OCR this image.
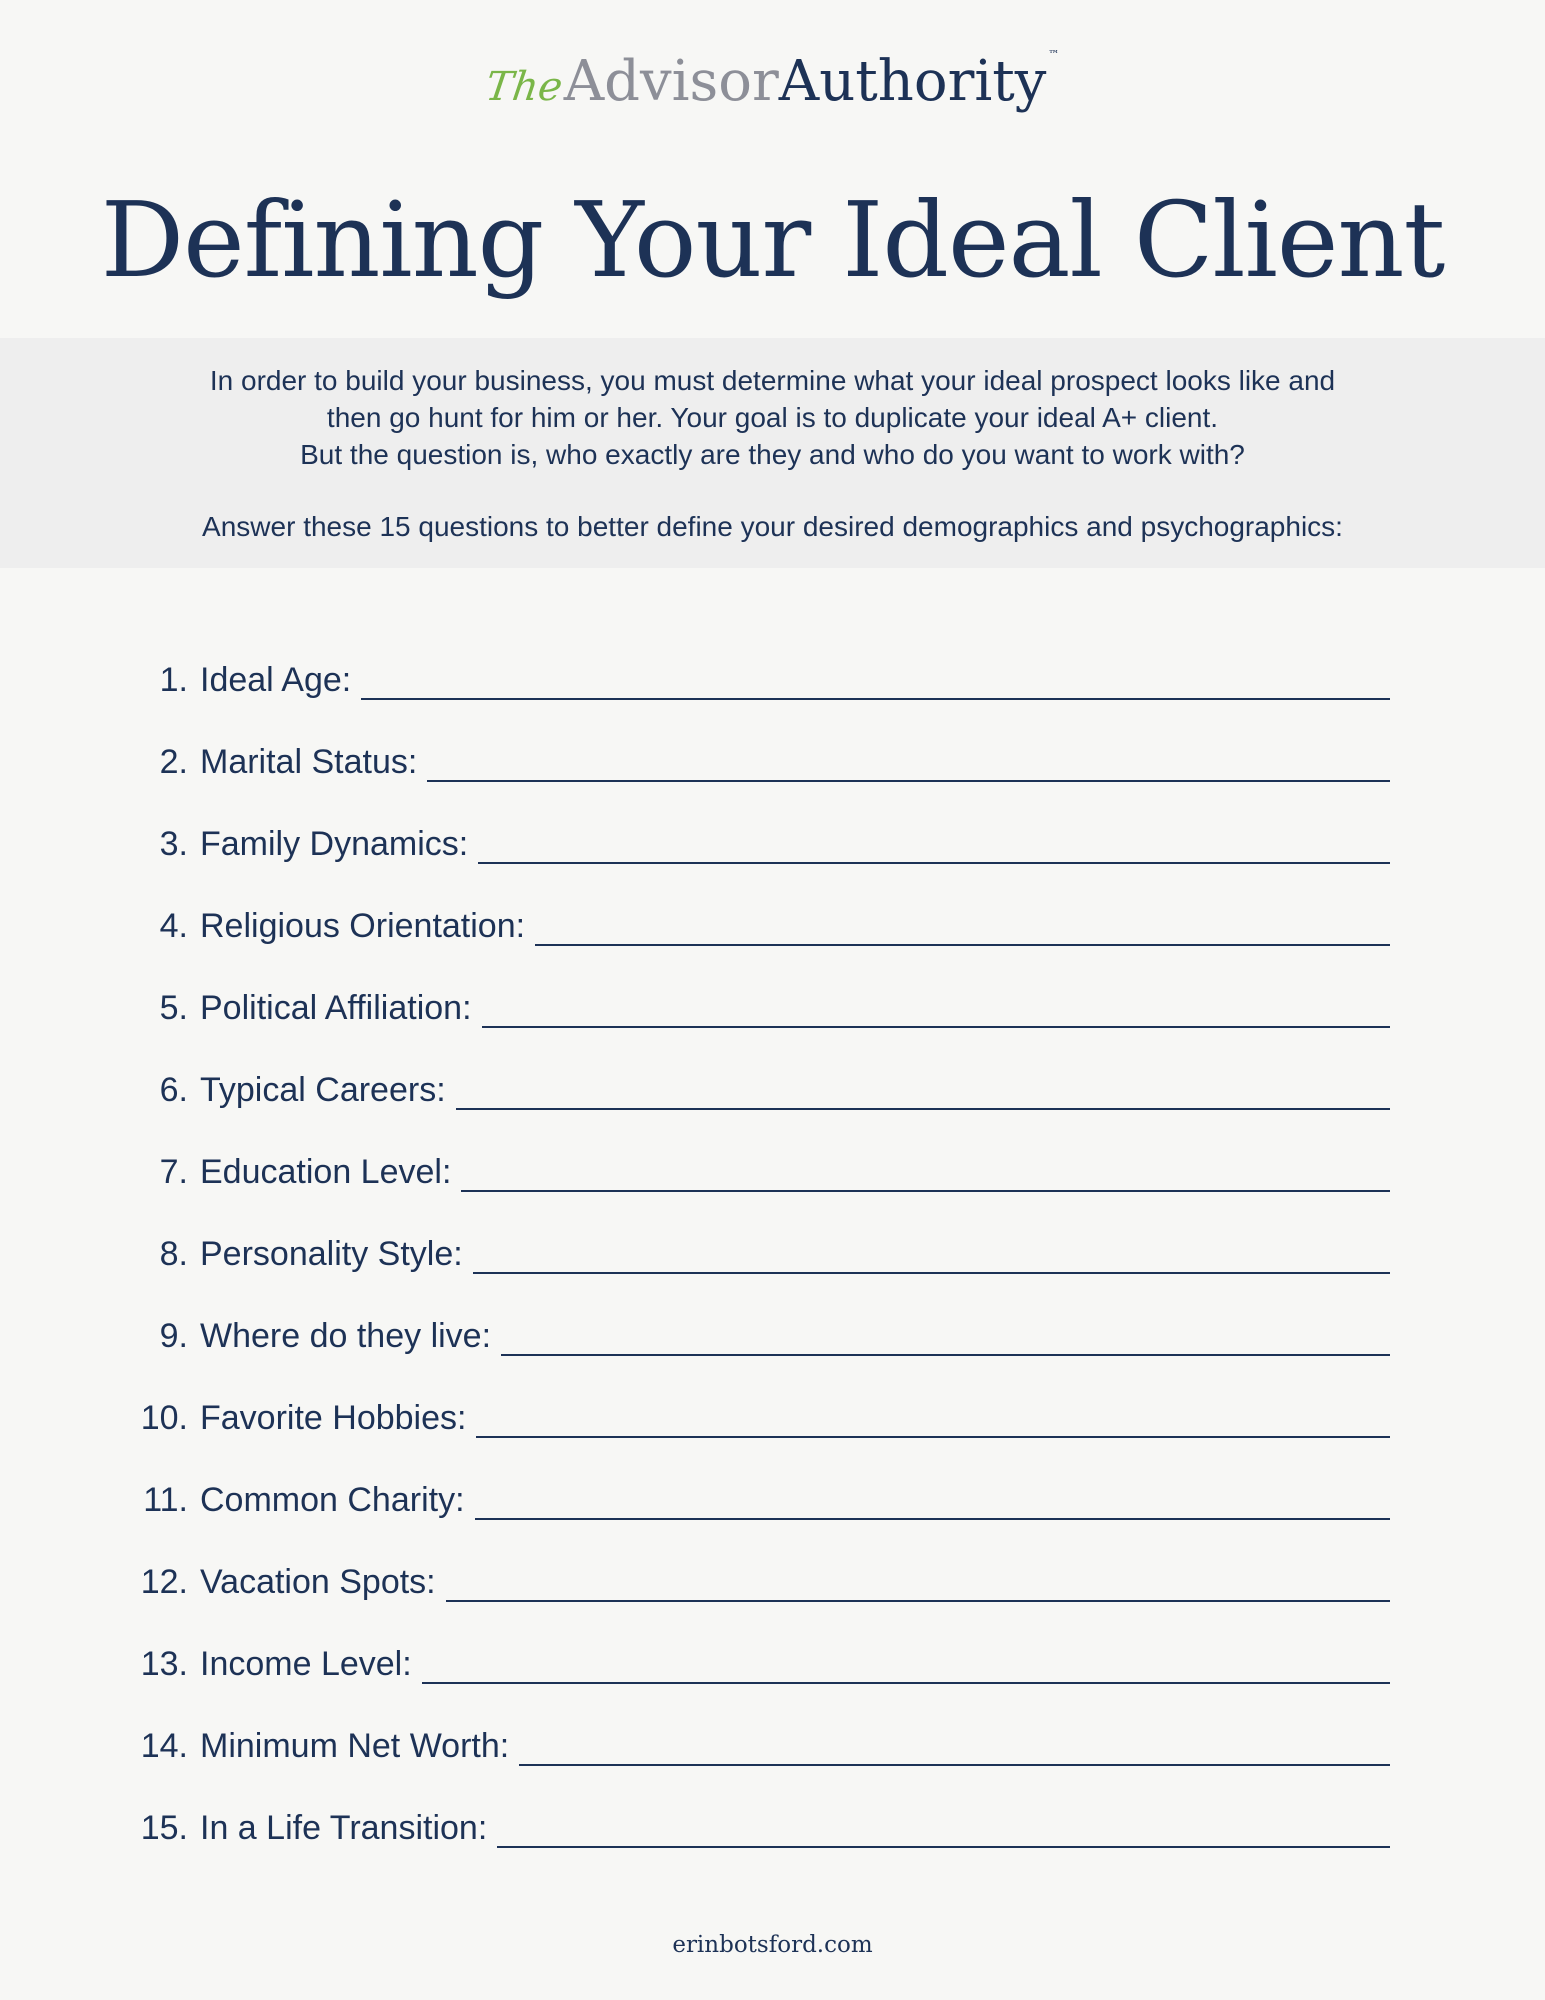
TheAdvisorAuthority ™
Defining Your Ideal Client

In order to build your business, you must determine what your ideal prospect looks like and

then go hunt for him or her. Your goal is to duplicate your ideal A+ client.

But the question is, who exactly are they and who do you want to work with?

Answer these 15 questions to better define your desired demographics and psychographics:

1. Ideal Age:
2. Marital Status:
3. Family Dynamics:
4. Religious Orientation:
5. Political Affiliation:
6. Typical Careers:
7. Education Level:
8. Personality Style:
9. Where do they live:
10. Favorite Hobbies:
11. Common Charity:
12. Vacation Spots:
13. Income Level:
14. Minimum Net Worth:
15. In a Life Transition:
erinbotsford.com
